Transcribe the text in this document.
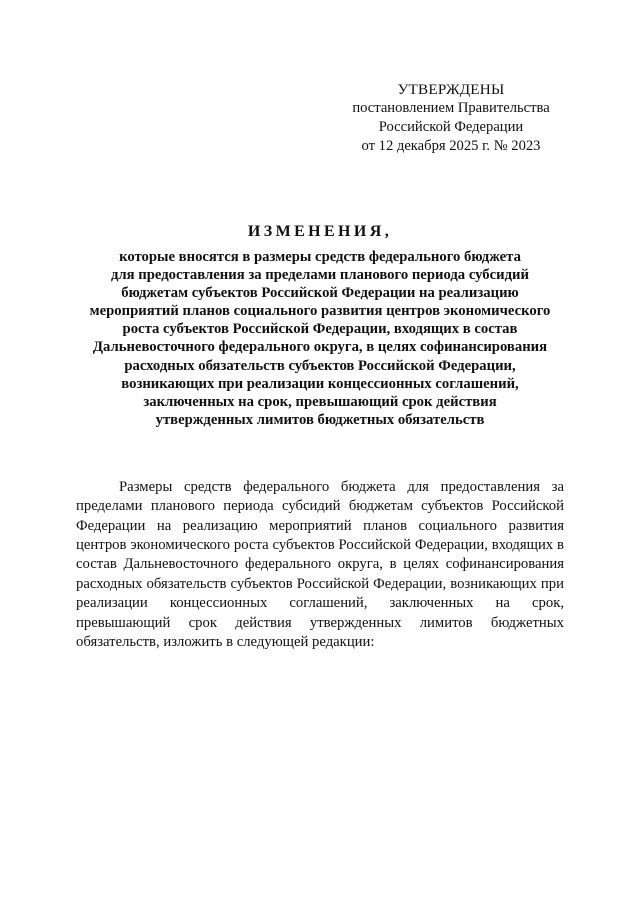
УТВЕРЖДЕНЫ
постановлением Правительства
Российской Федерации
от 12 декабря 2025 г. № 2023
ИЗМЕНЕНИЯ,
которые вносятся в размеры средств федерального бюджета
для предоставления за пределами планового периода субсидий
бюджетам субъектов Российской Федерации на реализацию
мероприятий планов социального развития центров экономического
роста субъектов Российской Федерации, входящих в состав
Дальневосточного федерального округа, в целях софинансирования
расходных обязательств субъектов Российской Федерации,
возникающих при реализации концессионных соглашений,
заключенных на срок, превышающий срок действия
утвержденных лимитов бюджетных обязательств

Размеры средств федерального бюджета для предоставления за пределами планового периода субсидий бюджетам субъектов Российской Федерации на реализацию мероприятий планов социального развития центров экономического роста субъектов Российской Федерации, входящих в состав Дальневосточного федерального округа, в целях софинансирования расходных обязательств субъектов Российской Федерации, возникающих при реализации концессионных соглашений, заключенных на срок, превышающий срок действия утвержденных лимитов бюджетных обязательств, изложить в следующей редакции:
